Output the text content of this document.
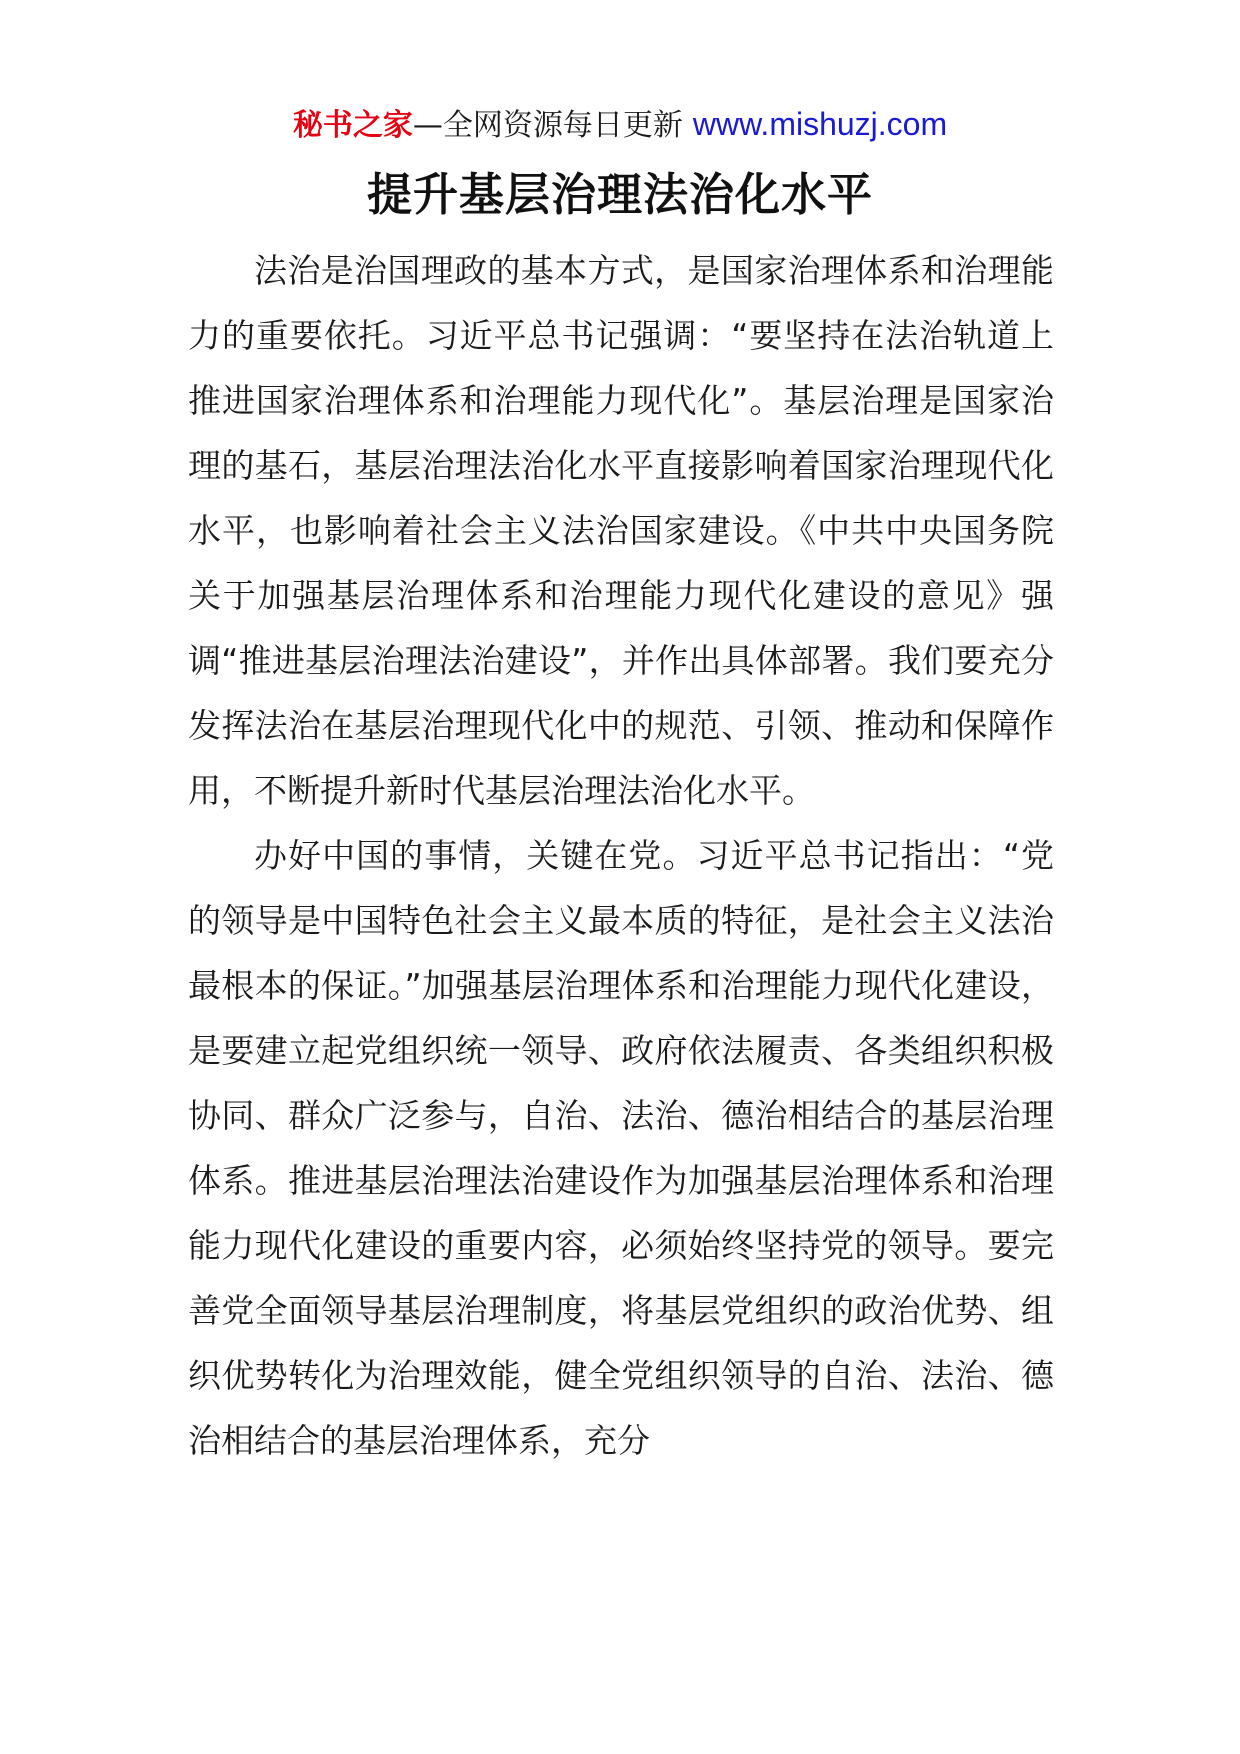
秘书之家—全网资源每日更新 www.mishuzj.com
提升基层治理法治化水平

法治是治国理政的基本方式，是国家治理体系和治理能力的重要依托。习近平总书记强调：“要坚持在法治轨道上推进国家治理体系和治理能力现代化”。基层治理是国家治理的基石，基层治理法治化水平直接影响着国家治理现代化水平，也影响着社会主义法治国家建设。《中共中央国务院关于加强基层治理体系和治理能力现代化建设的意见》强调“推进基层治理法治建设”，并作出具体部署。我们要充分发挥法治在基层治理现代化中的规范、引领、推动和保障作用，不断提升新时代基层治理法治化水平。

办好中国的事情，关键在党。习近平总书记指出：“党的领导是中国特色社会主义最本质的特征，是社会主义法治最根本的保证。”加强基层治理体系和治理能力现代化建设，是要建立起党组织统一领导、政府依法履责、各类组织积极协同、群众广泛参与，自治、法治、德治相结合的基层治理体系。推进基层治理法治建设作为加强基层治理体系和治理能力现代化建设的重要内容，必须始终坚持党的领导。要完善党全面领导基层治理制度，将基层党组织的政治优势、组织优势转化为治理效能，健全党组织领导的自治、法治、德治相结合的基层治理体系，充分
